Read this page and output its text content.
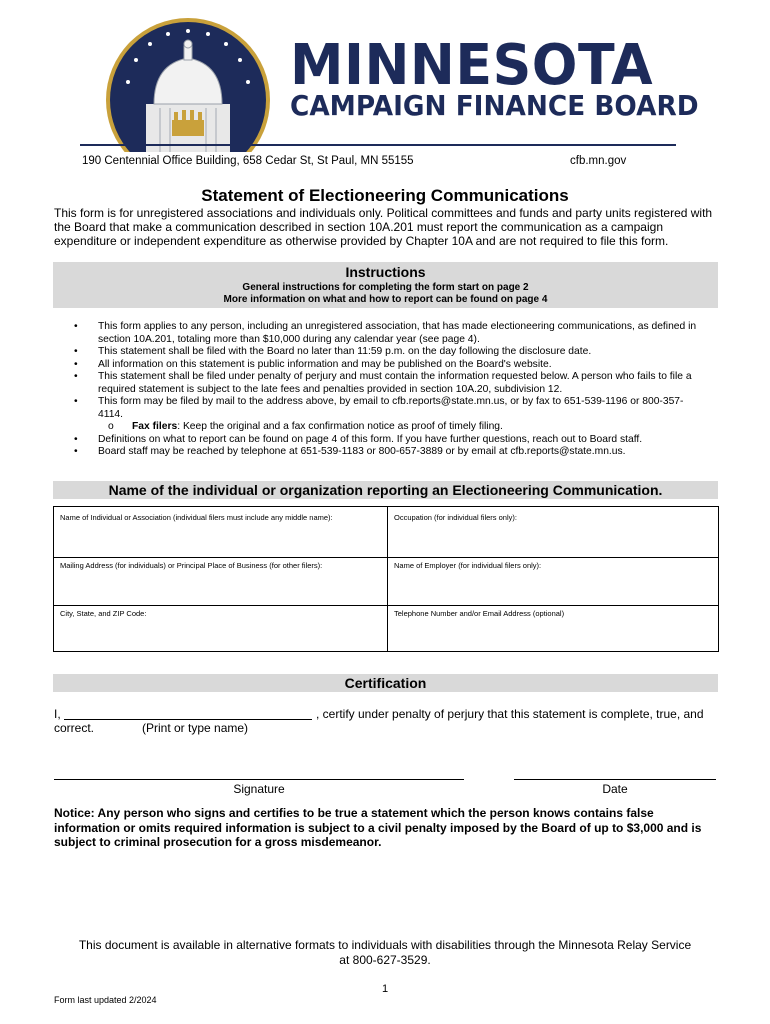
MINNESOTA
CAMPAIGN FINANCE BOARD
190 Centennial Office Building, 658 Cedar St, St Paul, MN 55155	cfb.mn.gov
Statement of Electioneering Communications
This form is for unregistered associations and individuals only. Political committees and funds and party units registered with the Board that make a communication described in section 10A.201 must report the communication as a campaign expenditure or independent expenditure as otherwise provided by Chapter 10A and are not required to file this form.
Instructions
General instructions for completing the form start on page 2
More information on what and how to report can be found on page 4
• This form applies to any person, including an unregistered association, that has made electioneering communications, as defined in section 10A.201, totaling more than $10,000 during any calendar year (see page 4).
• This statement shall be filed with the Board no later than 11:59 p.m. on the day following the disclosure date.
• All information on this statement is public information and may be published on the Board's website.
• This statement shall be filed under penalty of perjury and must contain the information requested below. A person who fails to file a required statement is subject to the late fees and penalties provided in section 10A.20, subdivision 12.
• This form may be filed by mail to the address above, by email to cfb.reports@state.mn.us, or by fax to 651-539-1196 or 800-357-4114.
o Fax filers: Keep the original and a fax confirmation notice as proof of timely filing.
• Definitions on what to report can be found on page 4 of this form. If you have further questions, reach out to Board staff.
• Board staff may be reached by telephone at 651-539-1183 or 800-657-3889 or by email at cfb.reports@state.mn.us.
Name of the individual or organization reporting an Electioneering Communication.
Name of Individual or Association (individual filers must include any middle name):	Occupation (for individual filers only):
Mailing Address (for individuals) or Principal Place of Business (for other filers):	Name of Employer (for individual filers only):
City, State, and ZIP Code:	Telephone Number and/or Email Address (optional)
Certification
I,	, certify under penalty of perjury that this statement is complete, true, and
correct.	(Print or type name)
Signature	Date
Notice: Any person who signs and certifies to be true a statement which the person knows contains false information or omits required information is subject to a civil penalty imposed by the Board of up to $3,000 and is subject to criminal prosecution for a gross misdemeanor.
This document is available in alternative formats to individuals with disabilities through the Minnesota Relay Service
at 800-627-3529.
1
Form last updated 2/2024
